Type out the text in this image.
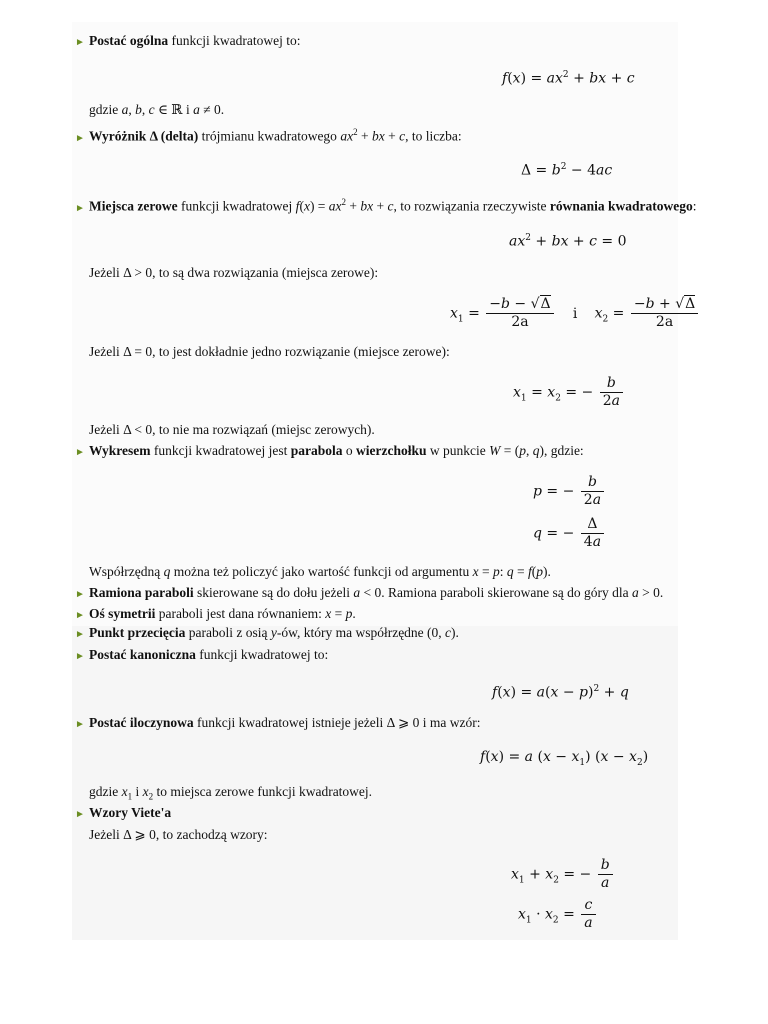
► Postać ogólna funkcji kwadratowej to:
$f(x) = ax^2$ + bx + c
gdzie a, b, c ∈ ℝ i a ≠ 0.
► Wyróżnik Δ (delta) trójmianu kwadratowego $ax^2$ + bx + c, to liczba:
$\Delta = b^2 - 4ac$
► Miejsca zerowe funkcji kwadratowej $f(x) = ax^2$ + bx + c, to rozwiązania rzeczywiste równania kwadratowego:
$ax^2$ + bx + c = 0
Jeżeli Δ > 0, to są dwa rozwiązania (miejsca zerowe):
$x_1 = \frac{-b - √\Delta}{2a}$ i $x_2 = \frac{-b + √\Delta}{2a}$
Jeżeli Δ = 0, to jest dokładnie jedno rozwiązanie (miejsce zerowe):
$x_1 = x_2$ = − $\frac{b}{2a}$
Jeżeli Δ < 0, to nie ma rozwiązań (miejsc zerowych).
► Wykresem funkcji kwadratowej jest parabola o wierzchołku w punkcie W = (p, q), gdzie:
p = − $\frac{b}{2a}$
q = − $\frac{\Delta}{4a}$
Współrzędną q można też policzyć jako wartość funkcji od argumentu x = p: q = f(p).
► Ramiona paraboli skierowane są do dołu jeżeli a < 0. Ramiona paraboli skierowane są do góry dla a > 0.
► Oś symetrii paraboli jest dana równaniem: x = p.
► Punkt przecięcia paraboli z osią y-ów, który ma współrzędne (0, c).
► Postać kanoniczna funkcji kwadratowej to:
$f(x) = a(x - p)^2 + q$
► Postać iloczynowa funkcji kwadratowej istnieje jeżeli Δ ⩾ 0 i ma wzór:
f(x) = a $(x - x_1)$ $(x - x_2)$
gdzie $x_1$ i $x_2$ to miejsca zerowe funkcji kwadratowej.
► Wzory Viete'a
Jeżeli Δ ⩾ 0, to zachodzą wzory:
$x_1 + x_2$ = − $\frac{b}{a}$
$x_1 \cdot x_2 = \frac{c}{a}$
